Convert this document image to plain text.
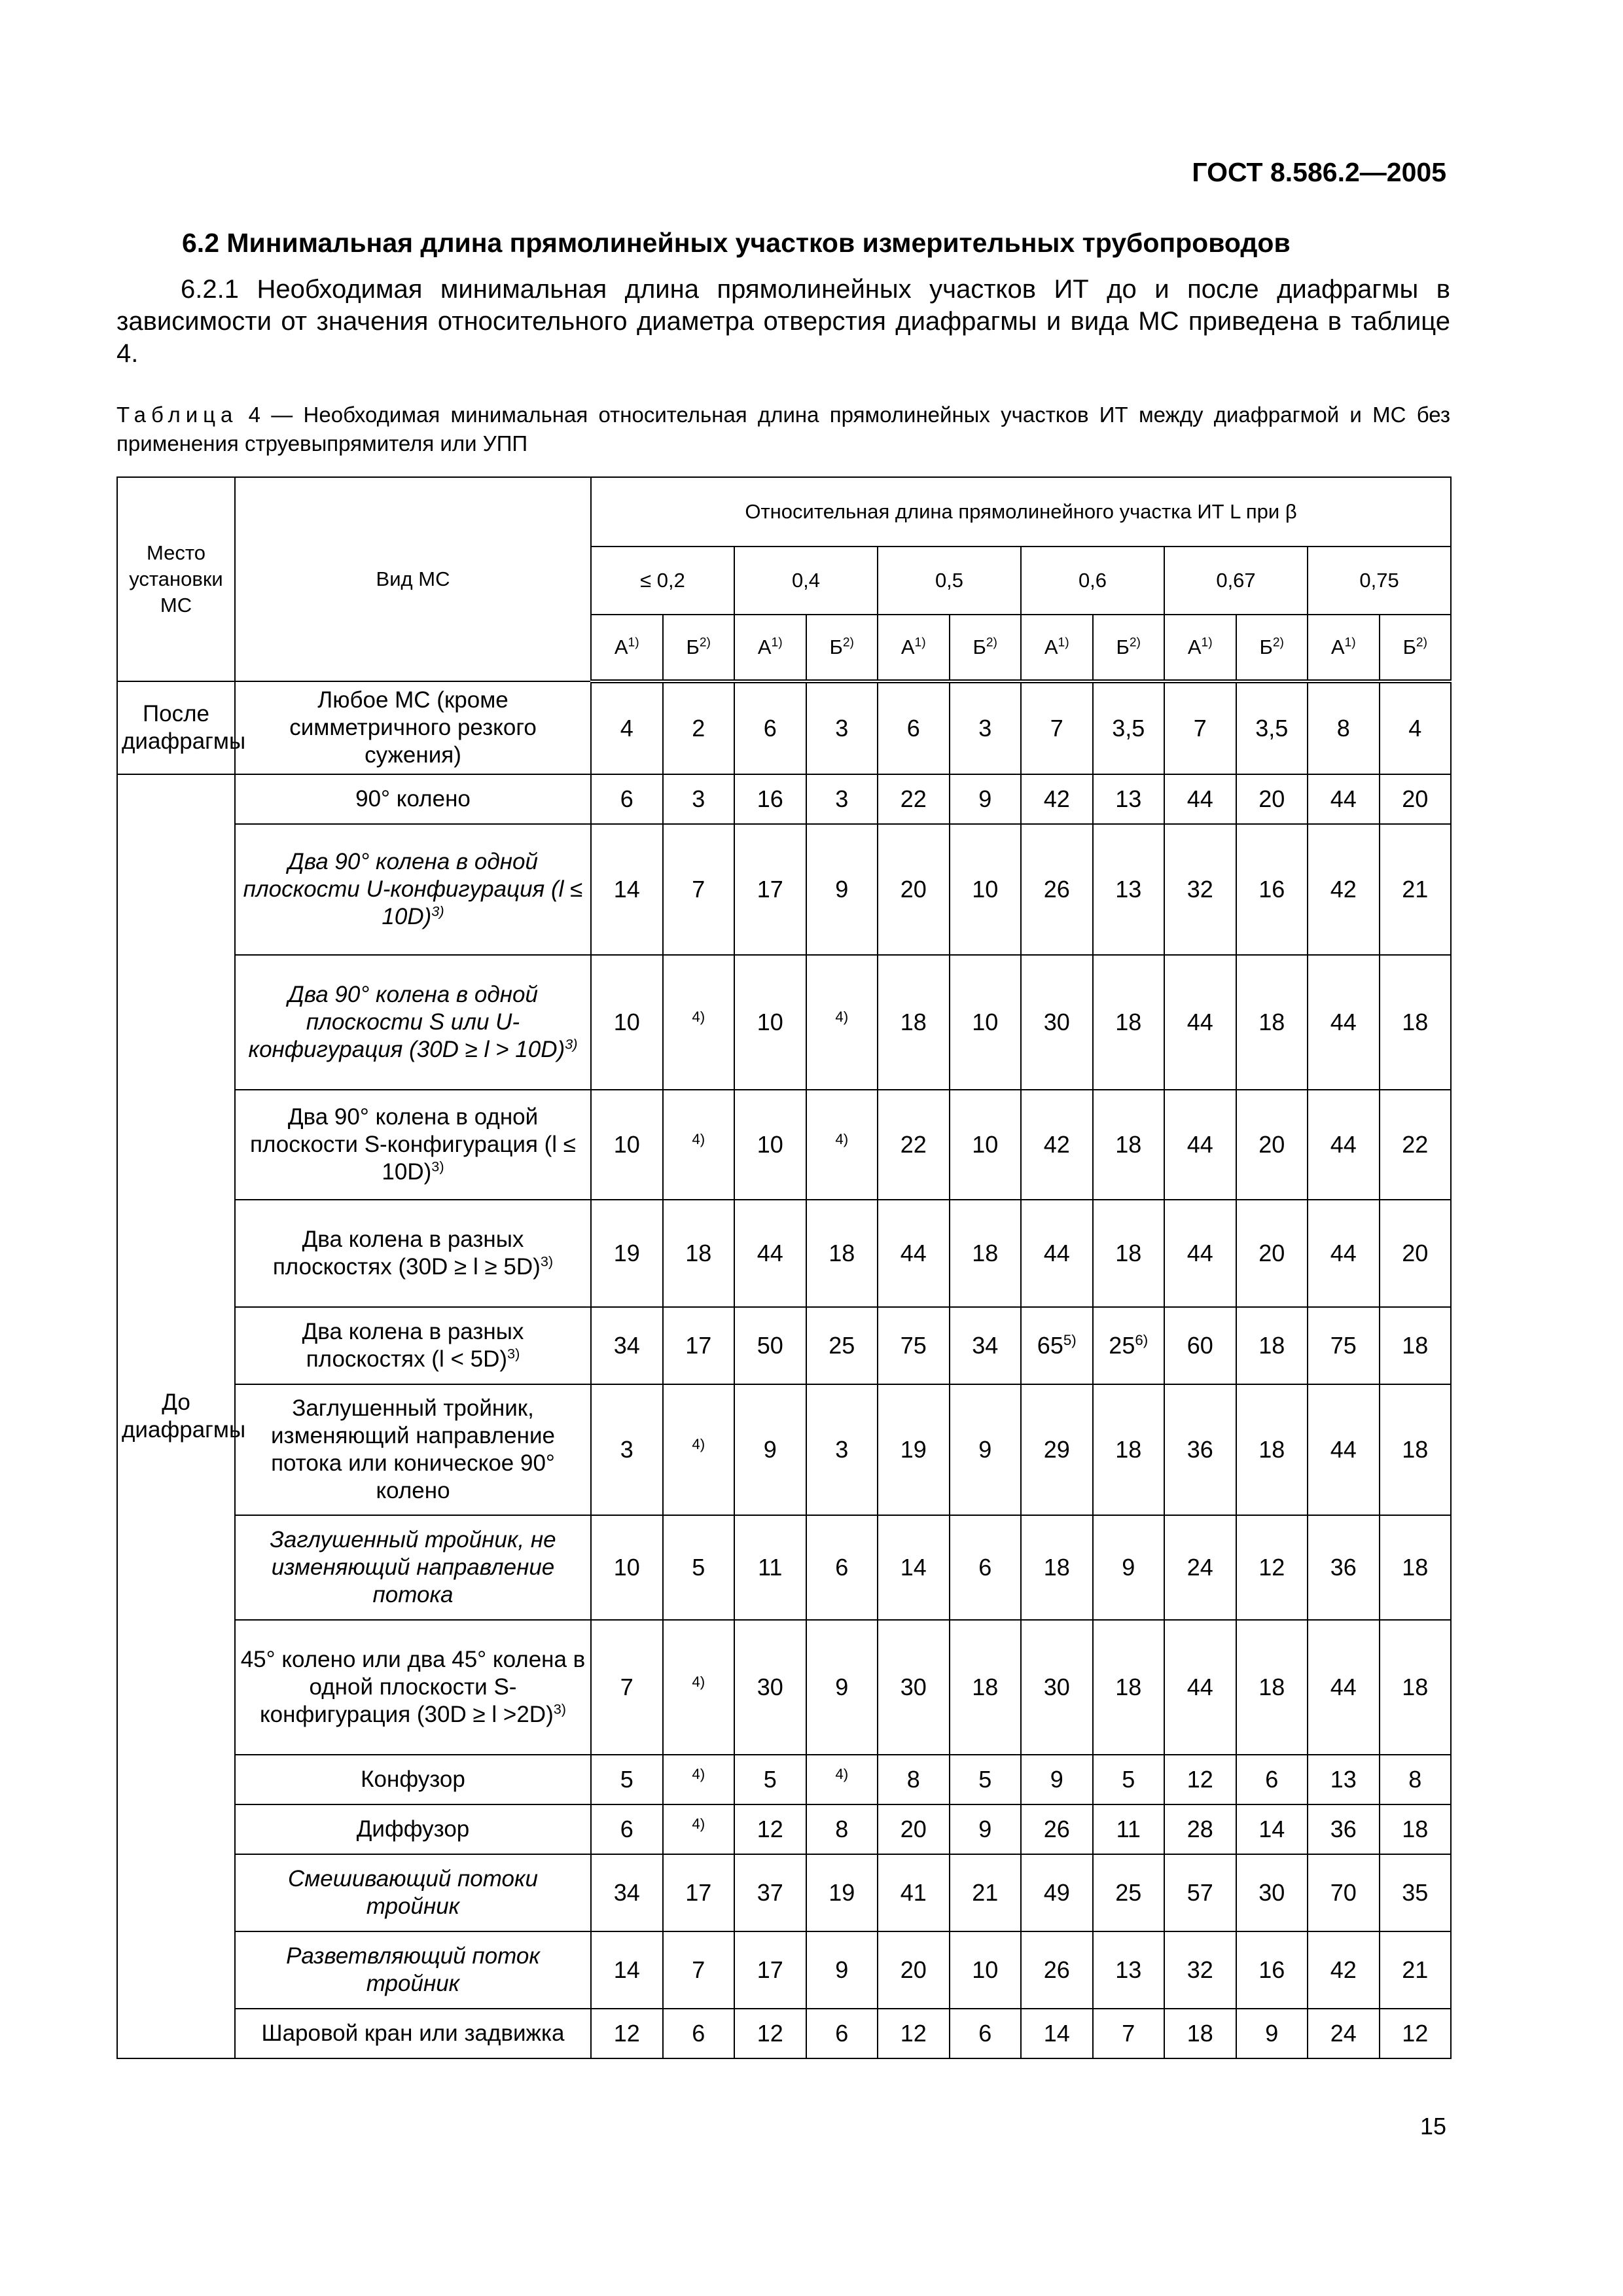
ГОСТ 8.586.2—2005
6.2 Минимальная длина прямолинейных участков измерительных трубопроводов

6.2.1 Необходимая минимальная длина прямолинейных участков ИТ до и после диафрагмы в зависимости от значения относительного диаметра отверстия диафрагмы и вида МС приведена в таблице 4.

Таблица 4 — Необходимая минимальная относительная длина прямолинейных участков ИТ между диафрагмой и МС без применения струевыпрямителя или УПП

Место установки МС	Вид МС	Относительная длина прямолинейного участка ИТ L при β											
		≤ 0,2		0,4		0,5		0,6		0,67		0,75	
		$А^{1)}$	$Б^{2)}$	$А^{1)}$	$Б^{2)}$	$А^{1)}$	$Б^{2)}$	$А^{1)}$	$Б^{2)}$	$А^{1)}$	$Б^{2)}$	$А^{1)}$	$Б^{2)}$
После диафрагмы	Любое МС (кроме симметричного резкого сужения)	4	2	6	3	6	3	7	3,5	7	3,5	8	4
До диафрагмы	90° колено	6	3	16	3	22	9	42	13	44	20	44	20
	Два 90° колена в одной плоскости U-конфигурация (l ≤ 10D)$^{3)}$	14	7	17	9	20	10	26	13	32	16	42	21
	Два 90° колена в одной плоскости S или U-конфигурация (30D ≥ l > 10D)$^{3)}$	10	$^{4)}$	10	$^{4)}$	18	10	30	18	44	18	44	18
	Два 90° колена в одной плоскости S-конфигурация (l ≤ 10D)$^{3)}$	10	$^{4)}$	10	$^{4)}$	22	10	42	18	44	20	44	22
	Два колена в разных плоскостях (30D ≥ l ≥ 5D)$^{3)}$	19	18	44	18	44	18	44	18	44	20	44	20
	Два колена в разных плоскостях (l < 5D)$^{3)}$	34	17	50	25	75	34	65$^{5)}$	25$^{6)}$	60	18	75	18
	Заглушенный тройник, изменяющий направление потока или коническое 90° колено	3	$^{4)}$	9	3	19	9	29	18	36	18	44	18
	Заглушенный тройник, не изменяющий направление потока	10	5	11	6	14	6	18	9	24	12	36	18
	45° колено или два 45° колена в одной плоскости S-конфигурация (30D ≥ l >2D)$^{3)}$	7	$^{4)}$	30	9	30	18	30	18	44	18	44	18
	Конфузор	5	$^{4)}$	5	$^{4)}$	8	5	9	5	12	6	13	8
	Диффузор	6	$^{4)}$	12	8	20	9	26	11	28	14	36	18
	Смешивающий потоки тройник	34	17	37	19	41	21	49	25	57	30	70	35
	Разветвляющий поток тройник	14	7	17	9	20	10	26	13	32	16	42	21
	Шаровой кран или задвижка	12	6	12	6	12	6	14	7	18	9	24	12
15
